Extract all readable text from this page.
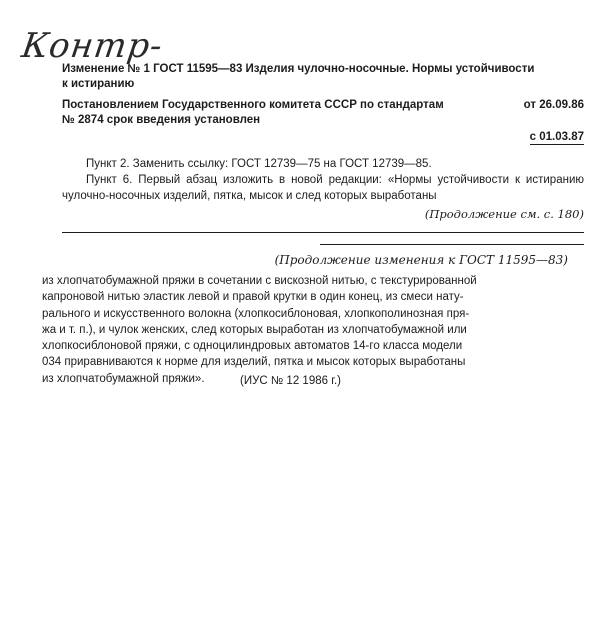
Контр-
Изменение № 1 ГОСТ 11595—83 Изделия чулочно-носочные. Нормы устойчивости
к истиранию
Постановлением Государственного комитета СССР по стандартам	от 26.09.86
№ 2874 срок введения установлен
с 01.03.87

Пункт 2. Заменить ссылку: ГОСТ 12739—75 на ГОСТ 12739—85.

Пункт 6. Первый абзац изложить в новой редакции: «Нормы устойчивости к истиранию чулочно-носочных изделий, пятка, мысок и след которых выработаны

(Продолжение см. с. 180)
(Продолжение изменения к ГОСТ 11595—83)
из хлопчатобумажной пряжи в сочетании с вискозной нитью, с текстурированной
капроновой нитью эластик левой и правой крутки в один конец, из смеси нату-
рального и искусственного волокна (хлопкосиблоновая, хлопкополинозная пря-
жа и т. п.), и чулок женских, след которых выработан из хлопчатобумажной или
хлопкосиблоновой пряжи, с одноцилиндровых автоматов 14-го класса модели
034 приравниваются к норме для изделий, пятка и мысок которых выработаны
из хлопчатобумажной пряжи».	(ИУС № 12 1986 г.)
